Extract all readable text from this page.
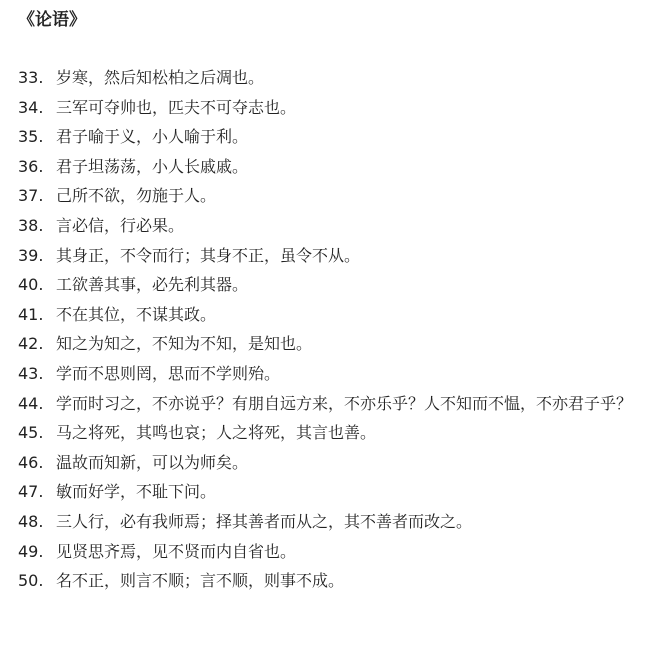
《论语》
33. 岁寒，然后知松柏之后凋也。
34. 三军可夺帅也，匹夫不可夺志也。
35. 君子喻于义，小人喻于利。
36. 君子坦荡荡，小人长戚戚。
37. 己所不欲，勿施于人。
38. 言必信，行必果。
39. 其身正，不令而行；其身不正，虽令不从。
40. 工欲善其事，必先利其器。
41. 不在其位，不谋其政。
42. 知之为知之，不知为不知，是知也。
43. 学而不思则罔，思而不学则殆。
44. 学而时习之，不亦说乎？有朋自远方来，不亦乐乎？人不知而不愠，不亦君子乎？
45. 马之将死，其鸣也哀；人之将死，其言也善。
46. 温故而知新，可以为师矣。
47. 敏而好学，不耻下问。
48. 三人行，必有我师焉；择其善者而从之，其不善者而改之。
49. 见贤思齐焉，见不贤而内自省也。
50. 名不正，则言不顺；言不顺，则事不成。
